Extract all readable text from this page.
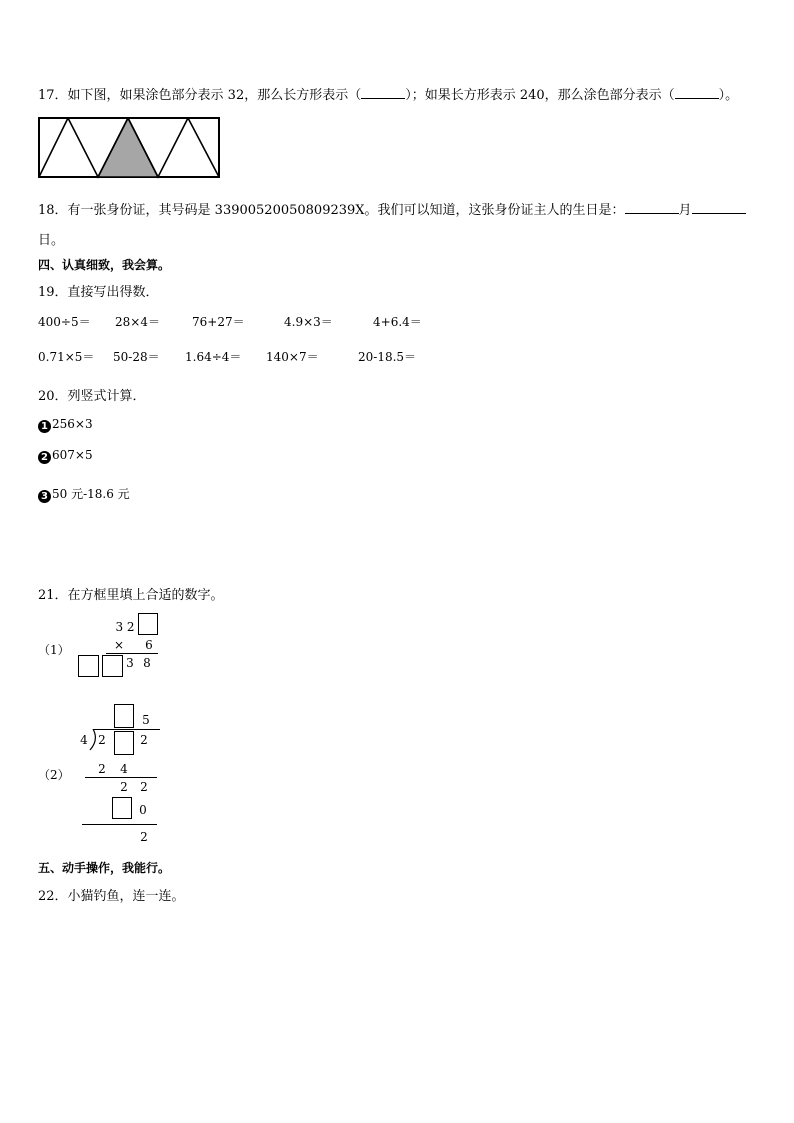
17．如下图，如果涂色部分表示 32，那么长方形表示（	）；如果长方形表示 240，那么涂色部分表示（	）。
18．有一张身份证，其号码是 339005200508092​39X。我们可以知道，这张身份证主人的生日是：	月
日。
四、认真细致，我会算。
19．直接写出得数．
400÷5＝ 28×4＝	76+27＝	4.9×3＝	4+6.4＝
0.71×5＝ 50-28＝ 1.64÷4＝ 140×7＝	20-18.5＝
20．列竖式计算．
1 256×3
2 607×5
3 50 元-18.6 元
21．在方框里填上合适的数字。
（1）
3 2
× 6
3 8
5
4 2	2
（2） 2 4
2 2
0
2
五、动手操作，我能行。
22．小猫钓鱼，连一连。
